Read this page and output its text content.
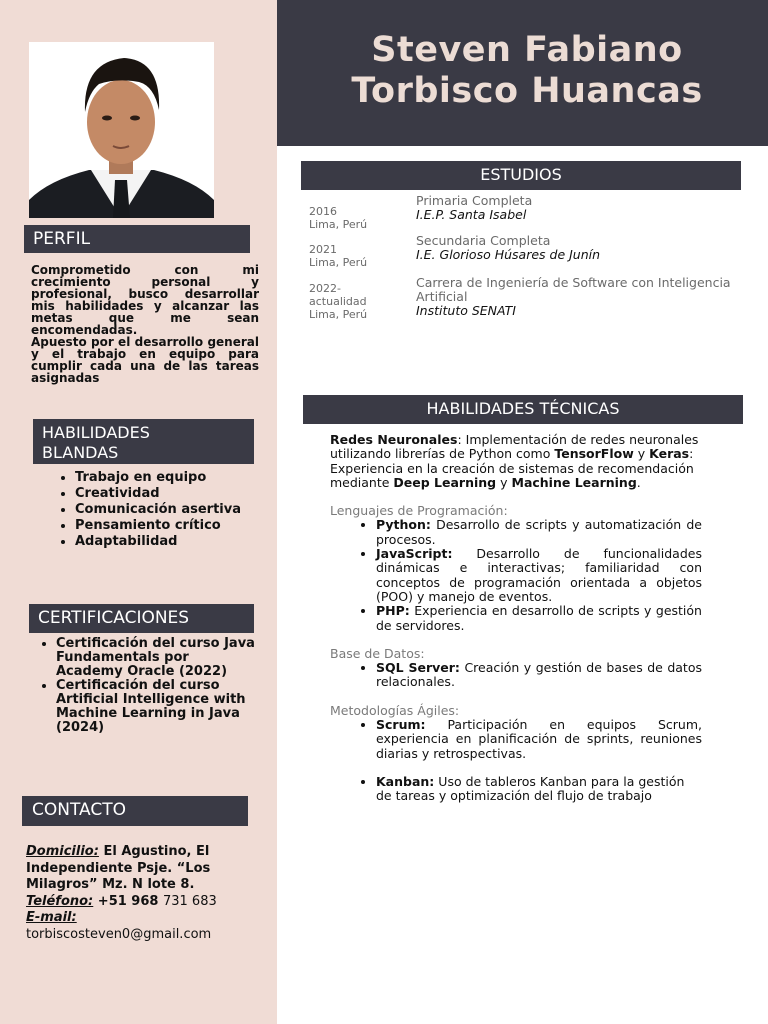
Steven Fabiano
Torbisco Huancas
PERFIL

Comprometido con mi crecimiento personal y profesional, busco desarrollar mis habilidades y alcanzar las metas que me sean encomendadas.

Apuesto por el desarrollo general y el trabajo en equipo para cumplir cada una de las tareas asignadas

HABILIDADES BLANDAS
• Trabajo en equipo
• Creatividad
• Comunicación asertiva
• Pensamiento crítico
• Adaptabilidad
CERTIFICACIONES
• Certificación del curso Java Fundamentals por Academy Oracle (2022)
• Certificación del curso Artificial Intelligence with Machine Learning in Java (2024)
CONTACTO
Domicilio: El Agustino, El Independiente Psje. “Los Milagros” Mz. N lote 8.
Teléfono: +51 968 731 683
E-mail:
torbiscosteven0@gmail.com
ESTUDIOS
2016
Lima, Perú
Primaria Completa
I.E.P. Santa Isabel
2021
Lima, Perú
Secundaria Completa
I.E. Glorioso Húsares de Junín
2022-
actualidad
Lima, Perú
Carrera de Ingeniería de Software con Inteligencia Artificial
Instituto SENATI
HABILIDADES TÉCNICAS

Redes Neuronales: Implementación de redes neuronales utilizando librerías de Python como TensorFlow y Keras: Experiencia en la creación de sistemas de recomendación mediante Deep Learning y Machine Learning.

Lenguajes de Programación:

• Python: Desarrollo de scripts y automatización de procesos.
• JavaScript: Desarrollo de funcionalidades dinámicas e interactivas; familiaridad con conceptos de programación orientada a objetos (POO) y manejo de eventos.
• PHP: Experiencia en desarrollo de scripts y gestión de servidores.

Base de Datos:

• SQL Server: Creación y gestión de bases de datos relacionales.

Metodologías Ágiles:

• Scrum: Participación en equipos Scrum, experiencia en planificación de sprints, reuniones diarias y retrospectivas.
• Kanban: Uso de tableros Kanban para la gestión de tareas y optimización del flujo de trabajo
